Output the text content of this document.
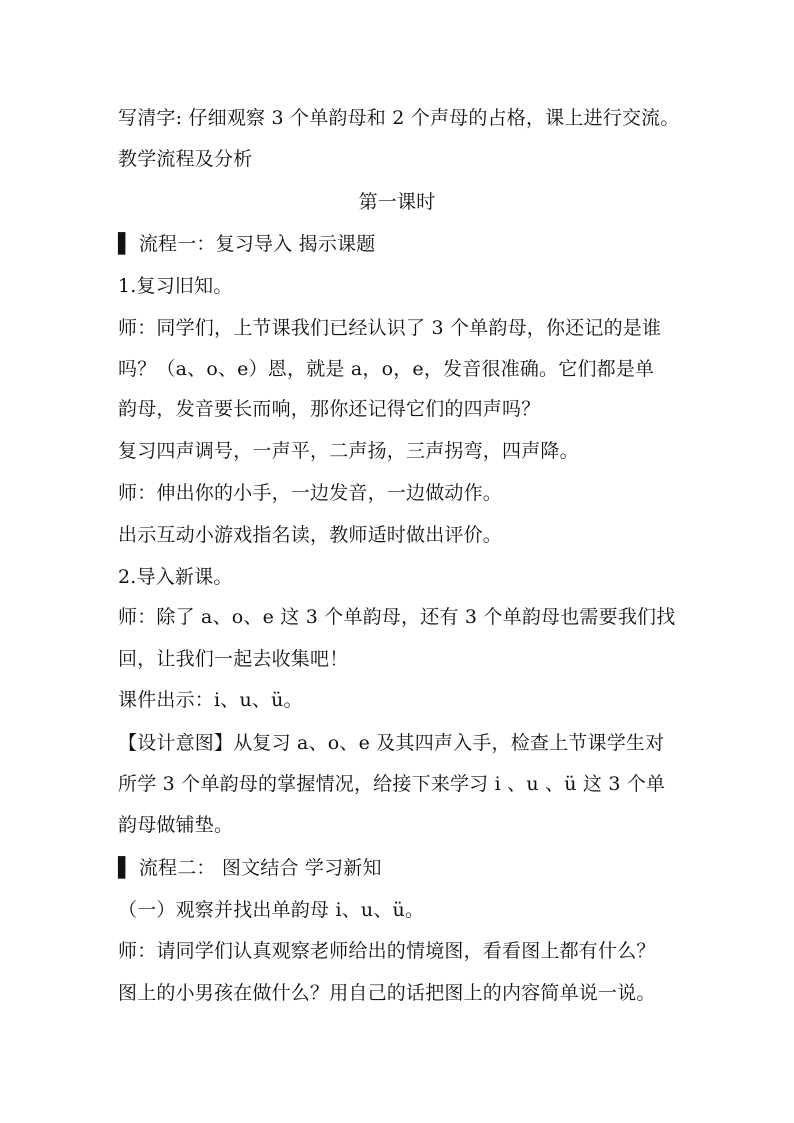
写清字: 仔细观察 3 个单韵母和 2 个声母的占格，课上进行交流。
教学流程及分析
第一课时
▌ 流程一：复习导入 揭示课题
1.复习旧知。
师：同学们，上节课我们已经认识了 3 个单韵母，你还记的是谁
吗？（a、o、e）恩，就是 a，o，e，发音很准确。它们都是单
韵母，发音要长而响，那你还记得它们的四声吗？
复习四声调号，一声平，二声扬，三声拐弯，四声降。
师：伸出你的小手，一边发音，一边做动作。
出示互动小游戏指名读，教师适时做出评价。
2.导入新课。
师：除了 a、o、e 这 3 个单韵母，还有 3 个单韵母也需要我们找
回，让我们一起去收集吧！
课件出示：i、u、ü。
【设计意图】从复习 a、o、e 及其四声入手，检查上节课学生对
所学 3 个单韵母的掌握情况，给接下来学习 i 、u 、ü 这 3 个单
韵母做铺垫。
▌ 流程二： 图文结合 学习新知
（一）观察并找出单韵母 i、u、ü。
师：请同学们认真观察老师给出的情境图，看看图上都有什么？
图上的小男孩在做什么？用自己的话把图上的内容简单说一说。
